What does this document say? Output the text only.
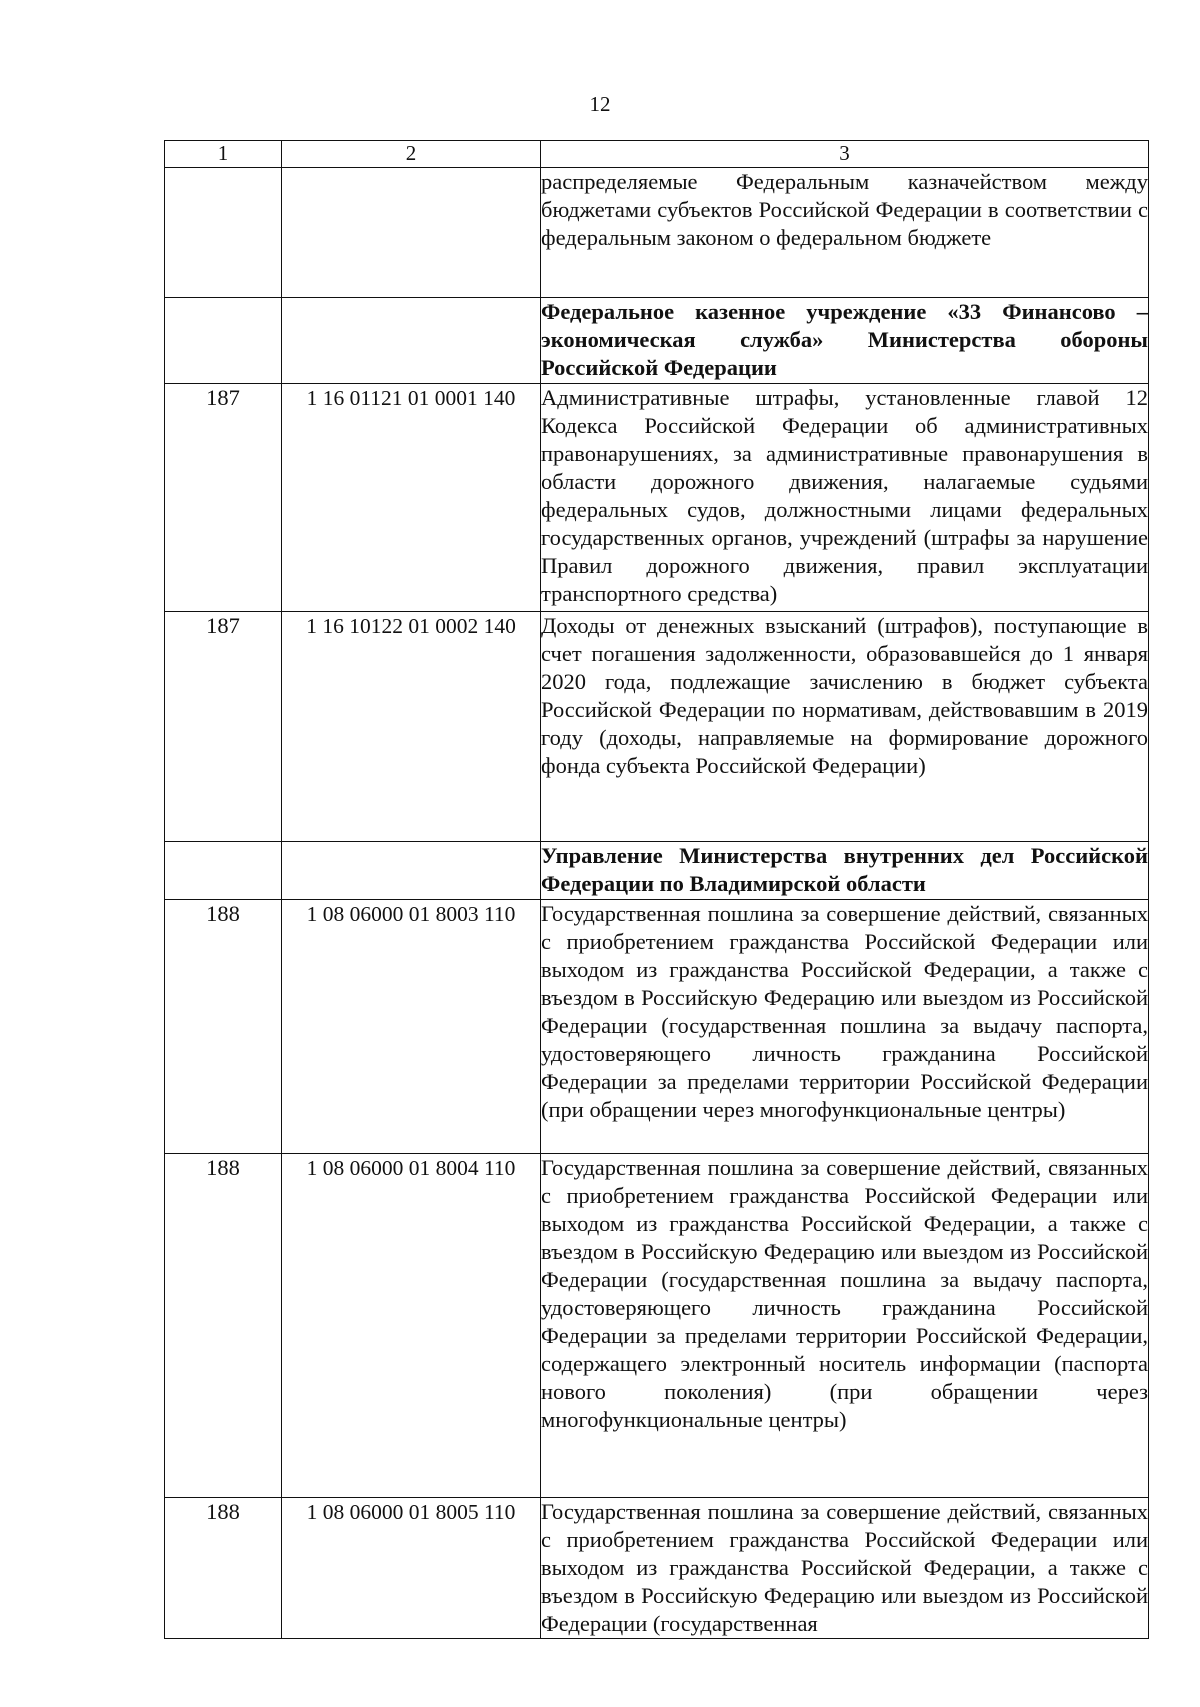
12
1	2	3
		распределяемые Федеральным казначейством между бюджетами субъектов Российской Федерации в соответствии с федеральным законом о федеральном бюджете
		Федеральное казенное учреждение «33 Финансово – экономическая служба» Министерства обороны Российской Федерации
187	1 16 01121 01 0001 140	Административные штрафы, установленные главой 12 Кодекса Российской Федерации об административных правонарушениях, за административные правонарушения в области дорожного движения, налагаемые судьями федеральных судов, должностными лицами федеральных государственных органов, учреждений (штрафы за нарушение Правил дорожного движения, правил эксплуатации транспортного средства)
187	1 16 10122 01 0002 140	Доходы от денежных взысканий (штрафов), поступающие в счет погашения задолженности, образовавшейся до 1 января 2020 года, подлежащие зачислению в бюджет субъекта Российской Федерации по нормативам, действовавшим в 2019 году (доходы, направляемые на формирование дорожного фонда субъекта Российской Федерации)
		Управление Министерства внутренних дел Российской Федерации по Владимирской области
188	1 08 06000 01 8003 110	Государственная пошлина за совершение действий, связанных с приобретением гражданства Российской Федерации или выходом из гражданства Российской Федерации, а также с въездом в Российскую Федерацию или выездом из Российской Федерации (государственная пошлина за выдачу паспорта, удостоверяющего личность гражданина Российской Федерации за пределами территории Российской Федерации (при обращении через многофункциональные центры)
188	1 08 06000 01 8004 110	Государственная пошлина за совершение действий, связанных с приобретением гражданства Российской Федерации или выходом из гражданства Российской Федерации, а также с въездом в Российскую Федерацию или выездом из Российской Федерации (государственная пошлина за выдачу паспорта, удостоверяющего личность гражданина Российской Федерации за пределами территории Российской Федерации, содержащего электронный носитель информации (паспорта нового поколения) (при обращении через многофункциональные центры)
188	1 08 06000 01 8005 110	Государственная пошлина за совершение действий, связанных с приобретением гражданства Российской Федерации или выходом из гражданства Российской Федерации, а также с въездом в Российскую Федерацию или выездом из Российской Федерации (государственная
